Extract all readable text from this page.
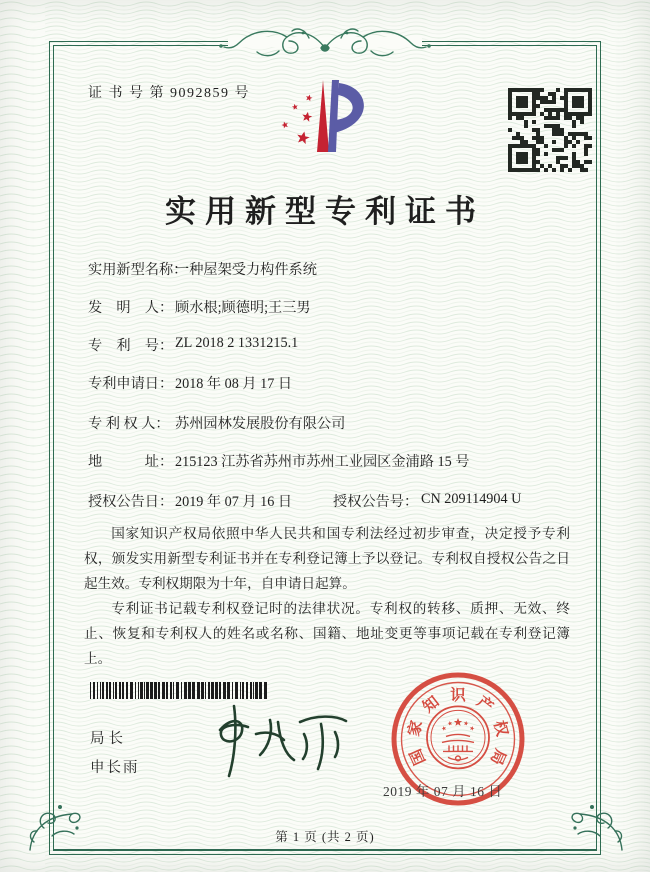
证 书 号 第 9092859 号
实用新型专利证书
实用新型名称：
一种屋架受力构件系统
发　明　人： 顾水根;顾德明;王三男
专　利　号： ZL 2018 2 1331215.1
专利申请日： 2018 年 08 月 17 日
专 利 权 人： 苏州园林发展股份有限公司
地　　　址： 215123 江苏省苏州市苏州工业园区金浦路 15 号
授权公告日： 2019 年 07 月 16 日	授权公告号： CN 209114904 U

国家知识产权局依照中华人民共和国专利法经过初步审查，决定授予专利权，颁发实用新型专利证书并在专利登记簿上予以登记。专利权自授权公告之日起生效。专利权期限为十年，自申请日起算。

专利证书记载专利权登记时的法律状况。专利权的转移、质押、无效、终止、恢复和专利权人的姓名或名称、国籍、地址变更等事项记载在专利登记簿上。

局长
申长雨
国
家
知 识 产
权
局
2019 年 07 月 16 日
第 1 页 (共 2 页)
